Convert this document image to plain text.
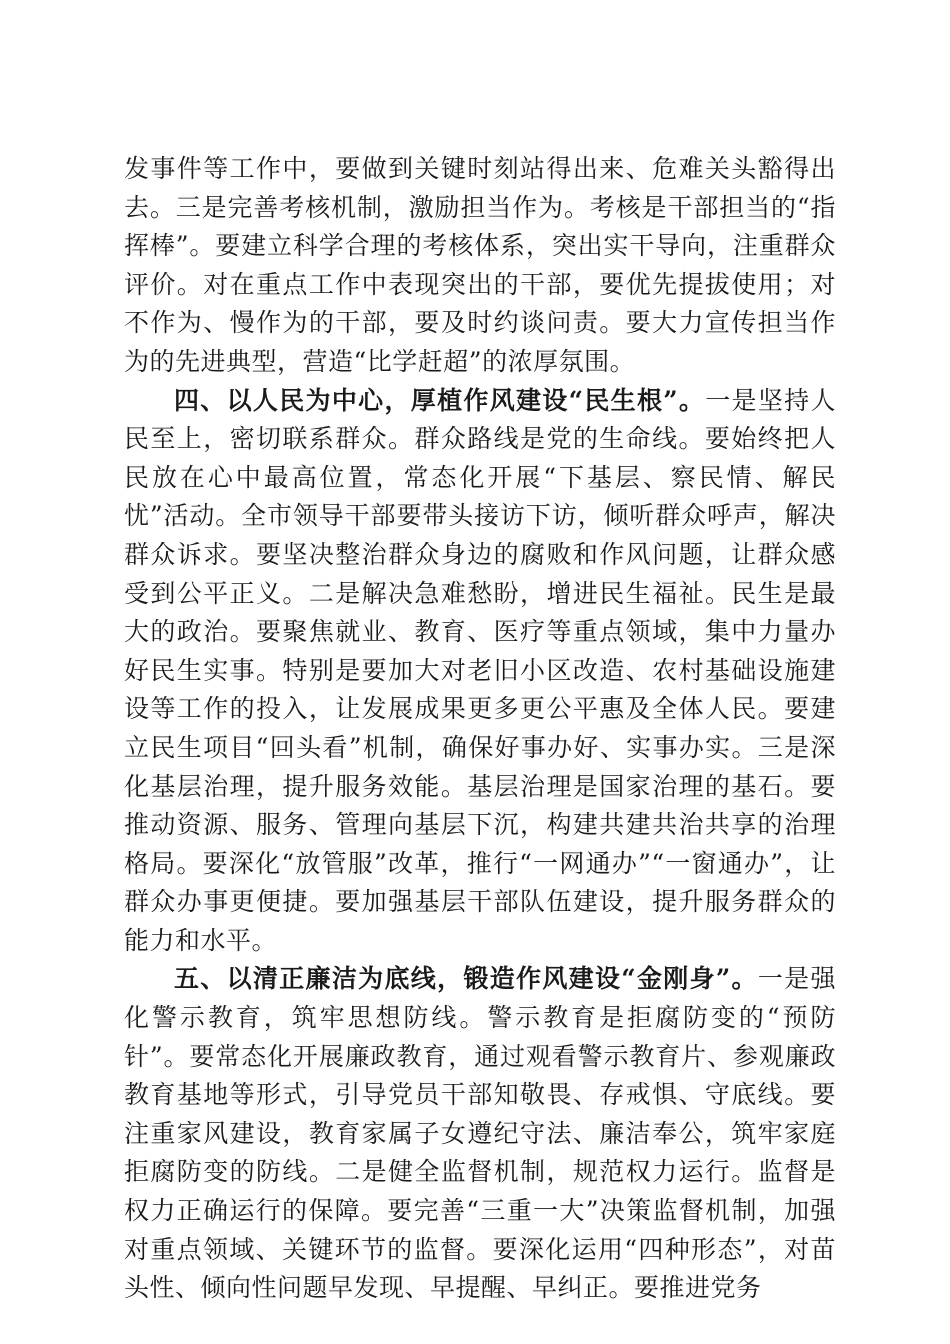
发事件等工作中，要做到关键时刻站得出来、危难关头豁得出去。三是完善考核机制，激励担当作为。考核是干部担当的“指挥棒”。要建立科学合理的考核体系，突出实干导向，注重群众评价。对在重点工作中表现突出的干部，要优先提拔使用；对不作为、慢作为的干部，要及时约谈问责。要大力宣传担当作为的先进典型，营造“比学赶超”的浓厚氛围。

四、以人民为中心，厚植作风建设“民生根”。一是坚持人民至上，密切联系群众。群众路线是党的生命线。要始终把人民放在心中最高位置，常态化开展“下基层、察民情、解民忧”活动。全市领导干部要带头接访下访，倾听群众呼声，解决群众诉求。要坚决整治群众身边的腐败和作风问题，让群众感受到公平正义。二是解决急难愁盼，增进民生福祉。民生是最大的政治。要聚焦就业、教育、医疗等重点领域，集中力量办好民生实事。特别是要加大对老旧小区改造、农村基础设施建设等工作的投入，让发展成果更多更公平惠及全体人民。要建立民生项目“回头看”机制，确保好事办好、实事办实。三是深化基层治理，提升服务效能。基层治理是国家治理的基石。要推动资源、服务、管理向基层下沉，构建共建共治共享的治理格局。要深化“放管服”改革，推行“一网通办”“一窗通办”，让群众办事更便捷。要加强基层干部队伍建设，提升服务群众的能力和水平。

五、以清正廉洁为底线，锻造作风建设“金刚身”。一是强化警示教育，筑牢思想防线。警示教育是拒腐防变的“预防针”。要常态化开展廉政教育，通过观看警示教育片、参观廉政教育基地等形式，引导党员干部知敬畏、存戒惧、守底线。要注重家风建设，教育家属子女遵纪守法、廉洁奉公，筑牢家庭拒腐防变的防线。二是健全监督机制，规范权力运行。监督是权力正确运行的保障。要完善“三重一大”决策监督机制，加强对重点领域、关键环节的监督。要深化运用“四种形态”，对苗头性、倾向性问题早发现、早提醒、早纠正。要推进党务
